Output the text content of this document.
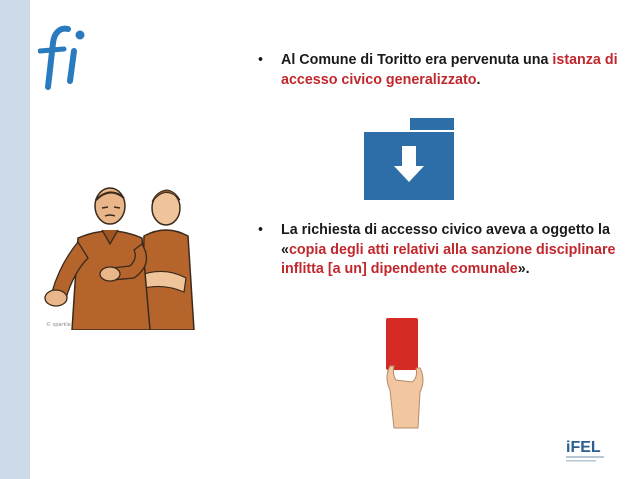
© sparkle
• Al Comune di Toritto era pervenuta una istanza di accesso civico generalizzato.
• La richiesta di accesso civico aveva a oggetto la «copia degli atti relativi alla sanzione disciplinare inflitta [a un] dipendente comunale».
iFEL
